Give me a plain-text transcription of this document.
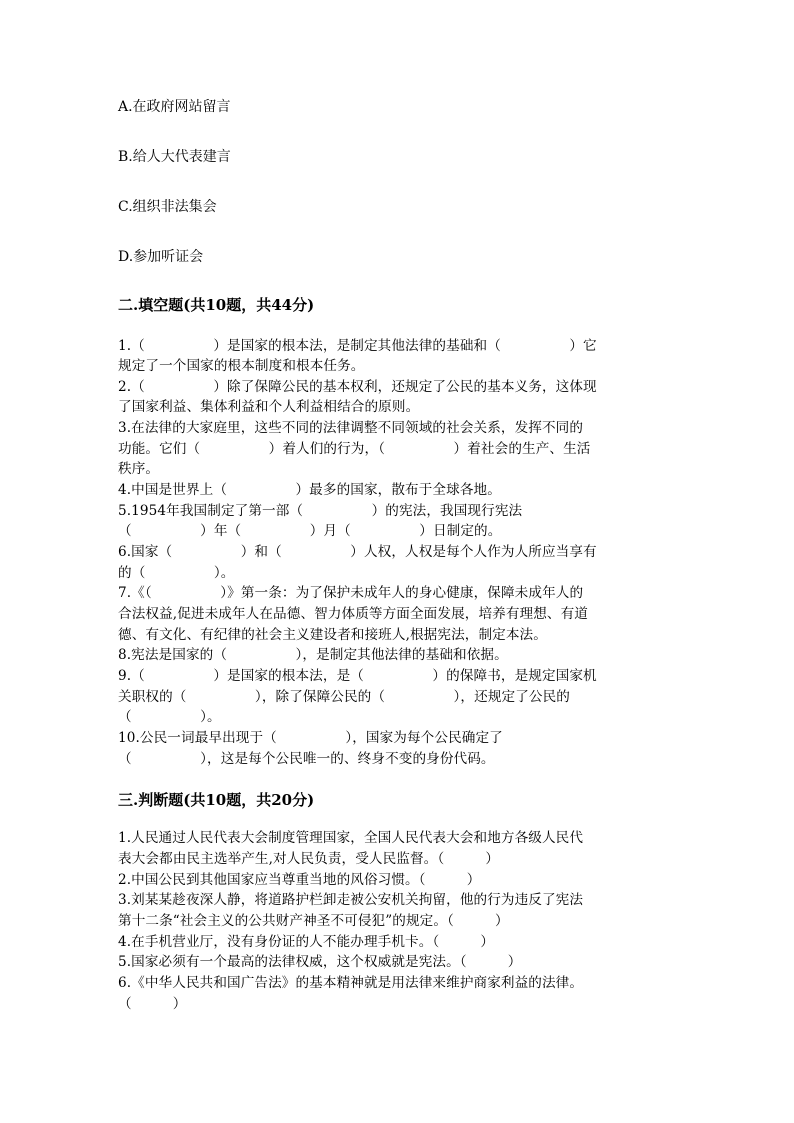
A.在政府网站留言
B.给人大代表建言
C.组织非法集会
D.参加听证会
二.填空题(共10题，共44分)
1.（　　　　　）是国家的根本法，是制定其他法律的基础和（　　　　　）它
规定了一个国家的根本制度和根本任务。
2.（　　　　　）除了保障公民的基本权利，还规定了公民的基本义务，这体现
了国家利益、集体利益和个人利益相结合的原则。
3.在法律的大家庭里，这些不同的法律调整不同领域的社会关系，发挥不同的
功能。它们（　　　　　）着人们的行为，（　　　　　）着社会的生产、生活
秩序。
4.中国是世界上（　　　　　）最多的国家，散布于全球各地。
5.1954年我国制定了第一部（　　　　　）的宪法，我国现行宪法
（　　　　　）年（　　　　　）月（　　　　　）日制定的。
6.国家（　　　　　）和（　　　　　）人权，人权是每个人作为人所应当享有
的（　　　　　）。
7.《（　　　　　）》第一条：为了保护未成年人的身心健康，保障未成年人的
合法权益,促进未成年人在品德、智力体质等方面全面发展，培养有理想、有道
德、有文化、有纪律的社会主义建设者和接班人,根据宪法，制定本法。
8.宪法是国家的（　　　　　），是制定其他法律的基础和依据。
9.（　　　　　）是国家的根本法，是（　　　　　）的保障书，是规定国家机
关职权的（　　　　　），除了保障公民的（　　　　　），还规定了公民的
（　　　　　）。
10.公民一词最早出现于（　　　　　），国家为每个公民确定了
（　　　　　），这是每个公民唯一的、终身不变的身份代码。
三.判断题(共10题，共20分)
1.人民通过人民代表大会制度管理国家，全国人民代表大会和地方各级人民代
表大会都由民主选举产生,对人民负责，受人民监督。（　　　）
2.中国公民到其他国家应当尊重当地的风俗习惯。（　　　）
3.刘某某趁夜深人静，将道路护栏卸走被公安机关拘留，他的行为违反了宪法
第十二条“社会主义的公共财产神圣不可侵犯”的规定。（　　　）
4.在手机营业厅，没有身份证的人不能办理手机卡。（　　　）
5.国家必须有一个最高的法律权威，这个权威就是宪法。（　　　）
6.《中华人民共和国广告法》的基本精神就是用法律来维护商家利益的法律。
（　　　）
